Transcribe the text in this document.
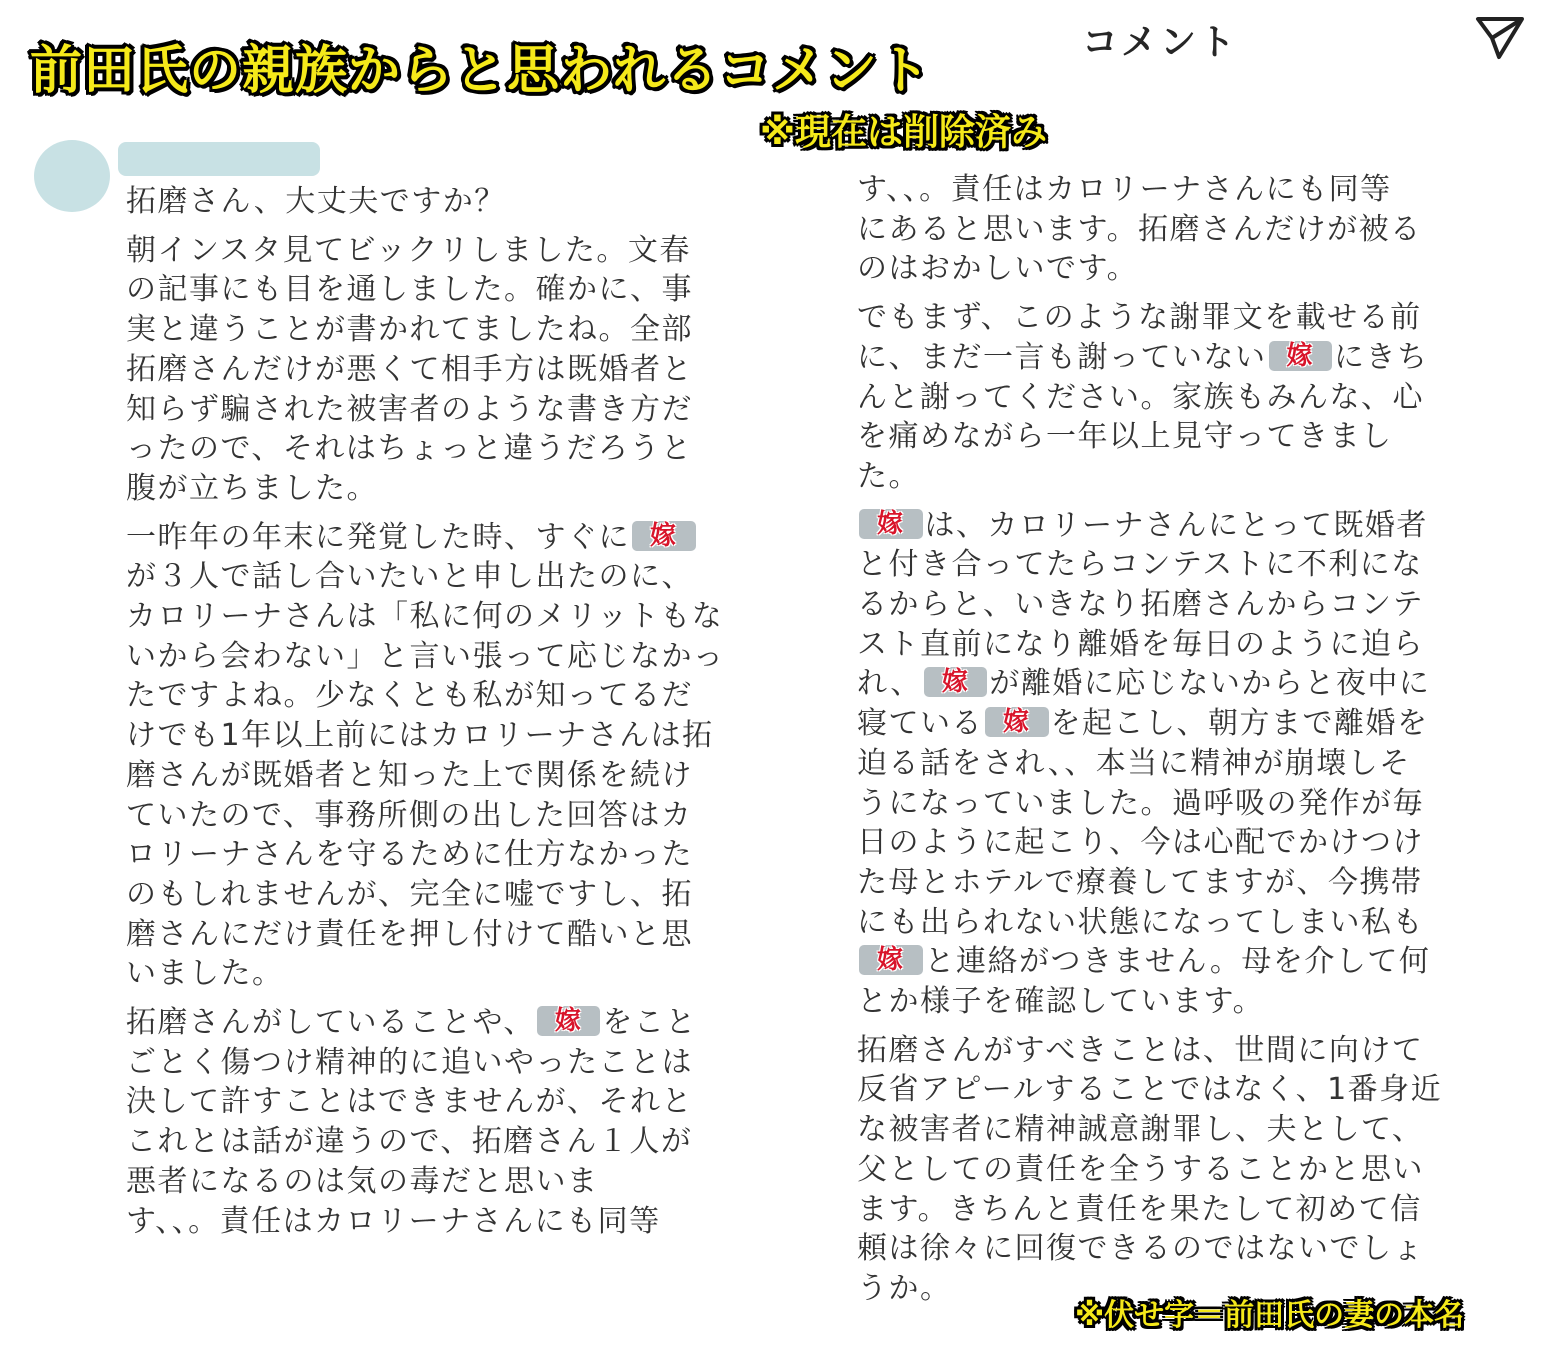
前田氏の親族からと思われるコメント
※現在は削除済み
※伏せ字＝前田氏の妻の本名
コメント

拓磨さん、大丈夫ですか？

朝インスタ見てビックリしました。文春
の記事にも目を通しました。確かに、事
実と違うことが書かれてましたね。全部
拓磨さんだけが悪くて相手方は既婚者と
知らず騙された被害者のような書き方だ
ったので、それはちょっと違うだろうと
腹が立ちました。

一昨年の年末に発覚した時、すぐに 嫁
が３人で話し合いたいと申し出たのに、
カロリーナさんは「私に何のメリットもな
いから会わない」と言い張って応じなかっ
たですよね。少なくとも私が知ってるだ
けでも1年以上前にはカロリーナさんは拓
磨さんが既婚者と知った上で関係を続け
ていたので、事務所側の出した回答はカ
ロリーナさんを守るために仕方なかった
のもしれませんが、完全に嘘ですし、拓
磨さんにだけ責任を押し付けて酷いと思
いました。

拓磨さんがしていることや、 嫁 をこと
ごとく傷つけ精神的に追いやったことは
決して許すことはできませんが、それと
これとは話が違うので、拓磨さん１人が
悪者になるのは気の毒だと思いま
す、、。責任はカロリーナさんにも同等

す、、。責任はカロリーナさんにも同等
にあると思います。拓磨さんだけが被る
のはおかしいです。

でもまず、このような謝罪文を載せる前
に、まだ一言も謝っていない 嫁 にきち
んと謝ってください。家族もみんな、心
を痛めながら一年以上見守ってきまし
た。

嫁 は、カロリーナさんにとって既婚者
と付き合ってたらコンテストに不利にな
るからと、いきなり拓磨さんからコンテ
スト直前になり離婚を毎日のように迫ら
れ、 嫁 が離婚に応じないからと夜中に
寝ている 嫁 を起こし、朝方まで離婚を
迫る話をされ、、本当に精神が崩壊しそ
うになっていました。過呼吸の発作が毎
日のように起こり、今は心配でかけつけ
た母とホテルで療養してますが、今携帯
にも出られない状態になってしまい私も
嫁 と連絡がつきません。母を介して何
とか様子を確認しています。

拓磨さんがすべきことは、世間に向けて
反省アピールすることではなく、1番身近
な被害者に精神誠意謝罪し、夫として、
父としての責任を全うすることかと思い
ます。きちんと責任を果たして初めて信
頼は徐々に回復できるのではないでしょ
うか。
